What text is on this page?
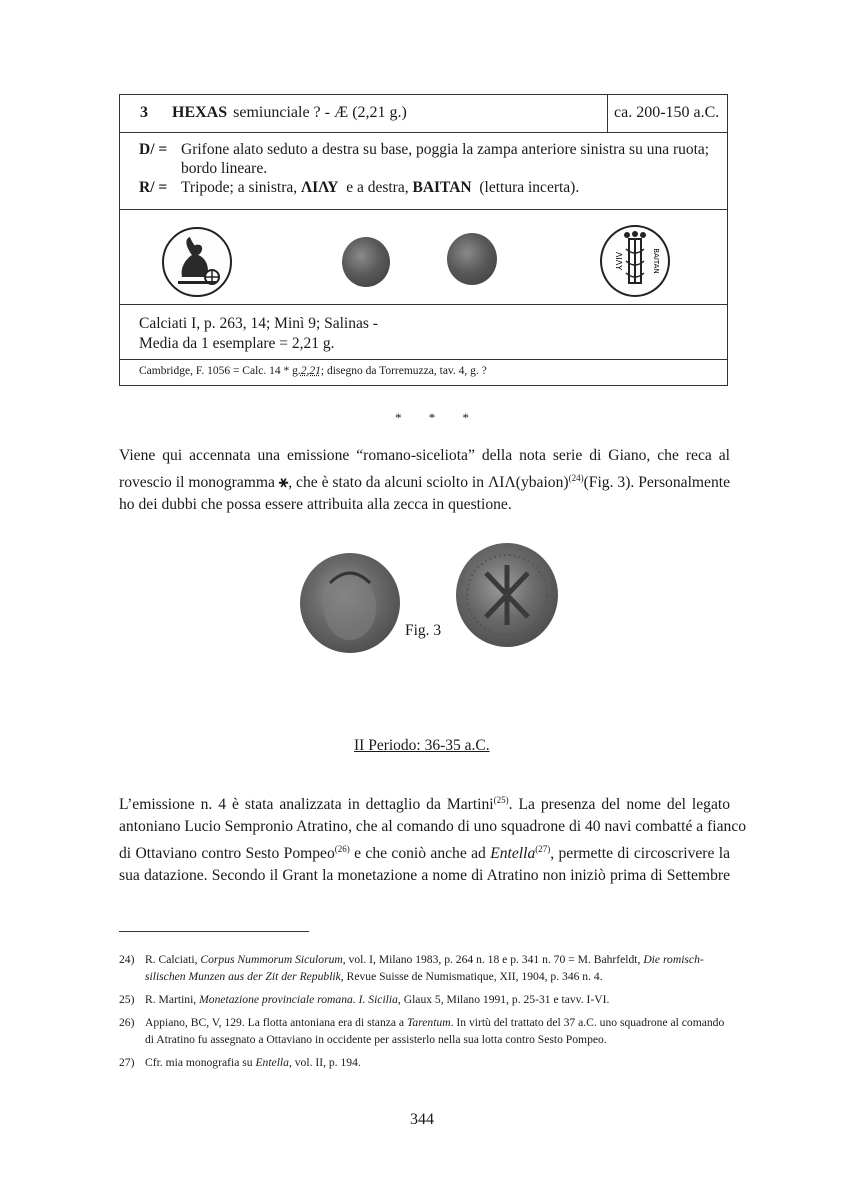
3 HEXAS semiunciale ? - Æ (2,21 g.)	ca. 200-150 a.C.
D/ = Grifone alato seduto a destra su base, poggia la zampa anteriore sinistra su una ruota;
bordo lineare.
R/ = Tripode; a sinistra, ΛΙΛΥ e a destra, BAITAN (lettura incerta).
ΛΙΛΥ	BAITAN
Calciati I, p. 263, 14; Minì 9; Salinas -
Media da 1 esemplare = 2,21 g.
Cambridge, F. 1056 = Calc. 14 * g.2,21; disegno da Torremuzza, tav. 4, g. ?
* * *
Viene qui accennata una emissione “romano-siceliota” della nota serie di Giano, che reca al
rovescio il monogramma ⚹, che è stato da alcuni sciolto in ΛΙΛ(ybaion)$^{(24)}$(Fig. 3). Personalmente
ho dei dubbi che possa essere attribuita alla zecca in questione.
Fig. 3
II Periodo: 36-35 a.C.
L’emissione n. 4 è stata analizzata in dettaglio da Martini$^{(25)}$. La presenza del nome del legato
antoniano Lucio Sempronio Atratino, che al comando di uno squadrone di 40 navi combatté a fianco
di Ottaviano contro Sesto Pompeo$^{(26)}$ e che coniò anche ad Entella$^{(27)}$, permette di circoscrivere la
sua datazione. Secondo il Grant la monetazione a nome di Atratino non iniziò prima di Settembre
24) R. Calciati, Corpus Nummorum Siculorum, vol. I, Milano 1983, p. 264 n. 18 e p. 341 n. 70 = M. Bahrfeldt, Die romisch-silischen Munzen aus der Zit der Republik, Revue Suisse de Numismatique, XII, 1904, p. 346 n. 4.
25) R. Martini, Monetazione provinciale romana. I. Sicilia, Glaux 5, Milano 1991, p. 25-31 e tavv. I-VI.
26) Appiano, BC, V, 129. La flotta antoniana era di stanza a Tarentum. In virtù del trattato del 37 a.C. uno squadrone al comando di Atratino fu assegnato a Ottaviano in occidente per assisterlo nella sua lotta contro Sesto Pompeo.
27) Cfr. mia monografia su Entella, vol. II, p. 194.
344
